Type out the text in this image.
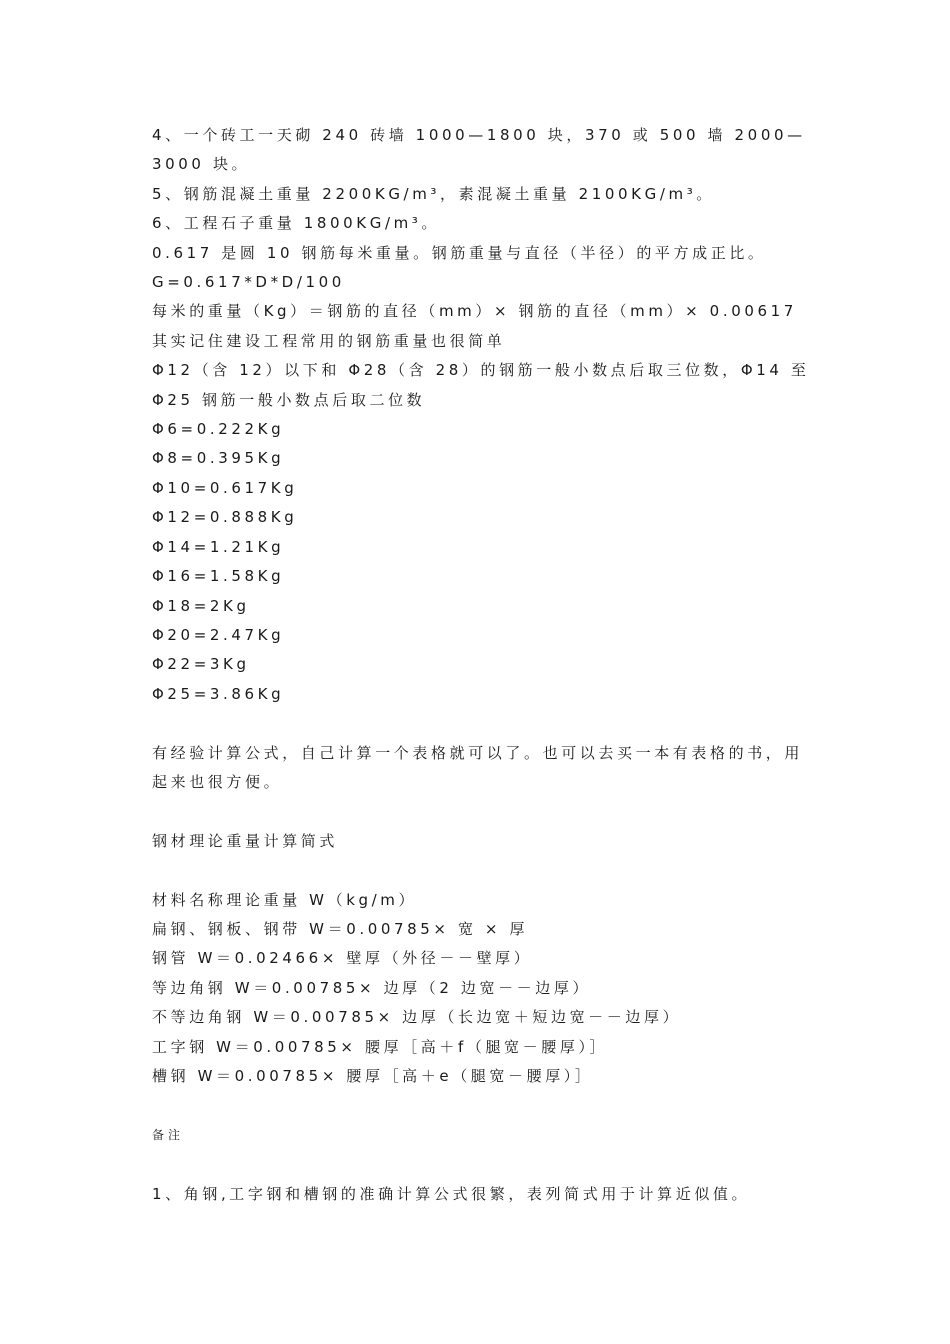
4、一个砖工一天砌 240 砖墙 1000—1800 块，370 或 500 墙 2000—3000 块。
5、钢筋混凝土重量 2200KG/m³，素混凝土重量 2100KG/m³。
6、工程石子重量 1800KG/m³。
0.617 是圆 10 钢筋每米重量。钢筋重量与直径（半径）的平方成正比。
G=0.617*D*D/100
每米的重量（Kg）＝钢筋的直径（mm）× 钢筋的直径（mm）× 0.00617
其实记住建设工程常用的钢筋重量也很简单
Φ12（含 12）以下和 Φ28（含 28）的钢筋一般小数点后取三位数，Φ14 至
Φ25 钢筋一般小数点后取二位数
Φ6=0.222Kg
Φ8=0.395Kg
Φ10=0.617Kg
Φ12=0.888Kg
Φ14=1.21Kg
Φ16=1.58Kg
Φ18=2Kg
Φ20=2.47Kg
Φ22=3Kg
Φ25=3.86Kg
有经验计算公式，自己计算一个表格就可以了。也可以去买一本有表格的书，用起来也很方便。
钢材理论重量计算简式
材料名称理论重量 W（kg/m）
扁钢、钢板、钢带 W＝0.00785× 宽 × 厚
钢管 W＝0.02466× 壁厚（外径－－壁厚）
等边角钢 W＝0.00785× 边厚（2 边宽－－边厚）
不等边角钢 W＝0.00785× 边厚（长边宽＋短边宽－－边厚）
工字钢 W＝0.00785× 腰厚［高＋f（腿宽－腰厚）］
槽钢 W＝0.00785× 腰厚［高＋e（腿宽－腰厚）］
备注
1、角钢,工字钢和槽钢的准确计算公式很繁，表列简式用于计算近似值。
